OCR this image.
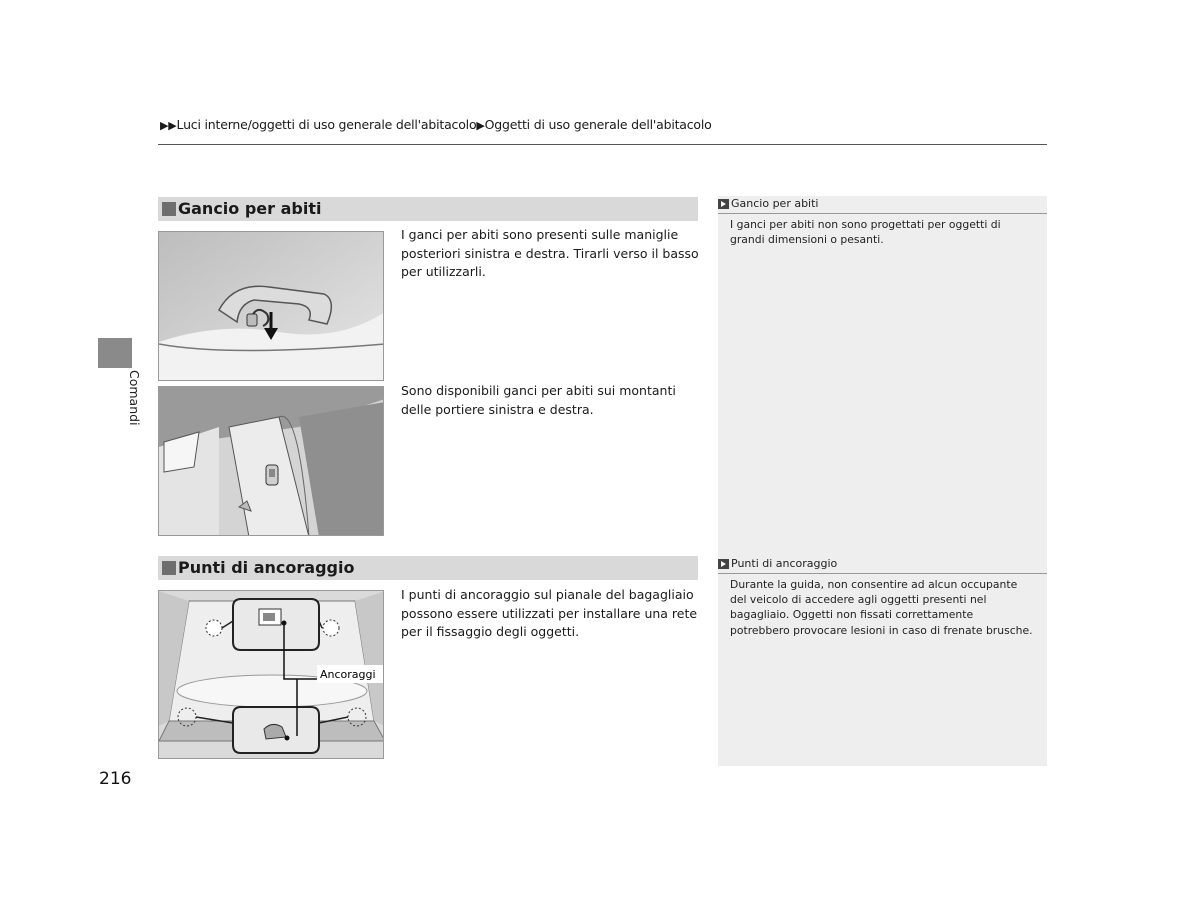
▶▶Luci interne/oggetti di uso generale dell'abitacolo▶Oggetti di uso generale dell'abitacolo
Comandi
Gancio per abiti
I ganci per abiti non sono progettati per oggetti di grandi dimensioni o pesanti.
Punti di ancoraggio
Durante la guida, non consentire ad alcun occupante del veicolo di accedere agli oggetti presenti nel bagagliaio. Oggetti non fissati correttamente potrebbero provocare lesioni in caso di frenate brusche.
Gancio per abiti
I ganci per abiti sono presenti sulle maniglie posteriori sinistra e destra. Tirarli verso il basso per utilizzarli.
Sono disponibili ganci per abiti sui montanti delle portiere sinistra e destra.
Punti di ancoraggio
Ancoraggi
I punti di ancoraggio sul pianale del bagagliaio possono essere utilizzati per installare una rete per il fissaggio degli oggetti.
216
